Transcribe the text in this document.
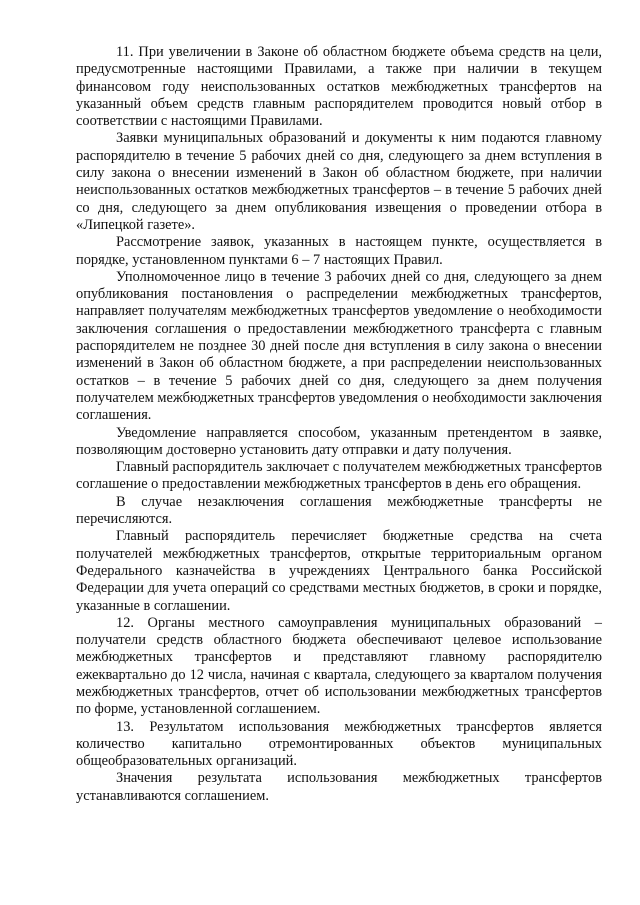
11. При увеличении в Законе об областном бюджете объема средств на цели, предусмотренные настоящими Правилами, а также при наличии в текущем финансовом году неиспользованных остатков межбюджетных трансфертов на указанный объем средств главным распорядителем проводится новый отбор в соответствии с настоящими Правилами.

Заявки муниципальных образований и документы к ним подаются главному распорядителю в течение 5 рабочих дней со дня, следующего за днем вступления в силу закона о внесении изменений в Закон об областном бюджете, при наличии неиспользованных остатков межбюджетных трансфертов – в течение 5 рабочих дней со дня, следующего за днем опубликования извещения о проведении отбора в «Липецкой газете».

Рассмотрение заявок, указанных в настоящем пункте, осуществляется в порядке, установленном пунктами 6 – 7 настоящих Правил.

Уполномоченное лицо в течение 3 рабочих дней со дня, следующего за днем опубликования постановления о распределении межбюджетных трансфертов, направляет получателям межбюджетных трансфертов уведомление о необходимости заключения соглашения о предоставлении межбюджетного трансферта с главным распорядителем не позднее 30 дней после дня вступления в силу закона о внесении изменений в Закон об областном бюджете, а при распределении неиспользованных остатков – в течение 5 рабочих дней со дня, следующего за днем получения получателем межбюджетных трансфертов уведомления о необходимости заключения соглашения.

Уведомление направляется способом, указанным претендентом в заявке, позволяющим достоверно установить дату отправки и дату получения.

Главный распорядитель заключает с получателем межбюджетных трансфертов соглашение о предоставлении межбюджетных трансфертов в день его обращения.

В случае незаключения соглашения межбюджетные трансферты не перечисляются.

Главный распорядитель перечисляет бюджетные средства на счета получателей межбюджетных трансфертов, открытые территориальным органом Федерального казначейства в учреждениях Центрального банка Российской Федерации для учета операций со средствами местных бюджетов, в сроки и порядке, указанные в соглашении.

12. Органы местного самоуправления муниципальных образований – получатели средств областного бюджета обеспечивают целевое использование межбюджетных трансфертов и представляют главному распорядителю ежеквартально до 12 числа, начиная с квартала, следующего за кварталом получения межбюджетных трансфертов, отчет об использовании межбюджетных трансфертов по форме, установленной соглашением.

13. Результатом использования межбюджетных трансфертов является количество капитально отремонтированных объектов муниципальных общеобразовательных организаций.

Значения результата использования межбюджетных трансфертов устанавливаются соглашением.
